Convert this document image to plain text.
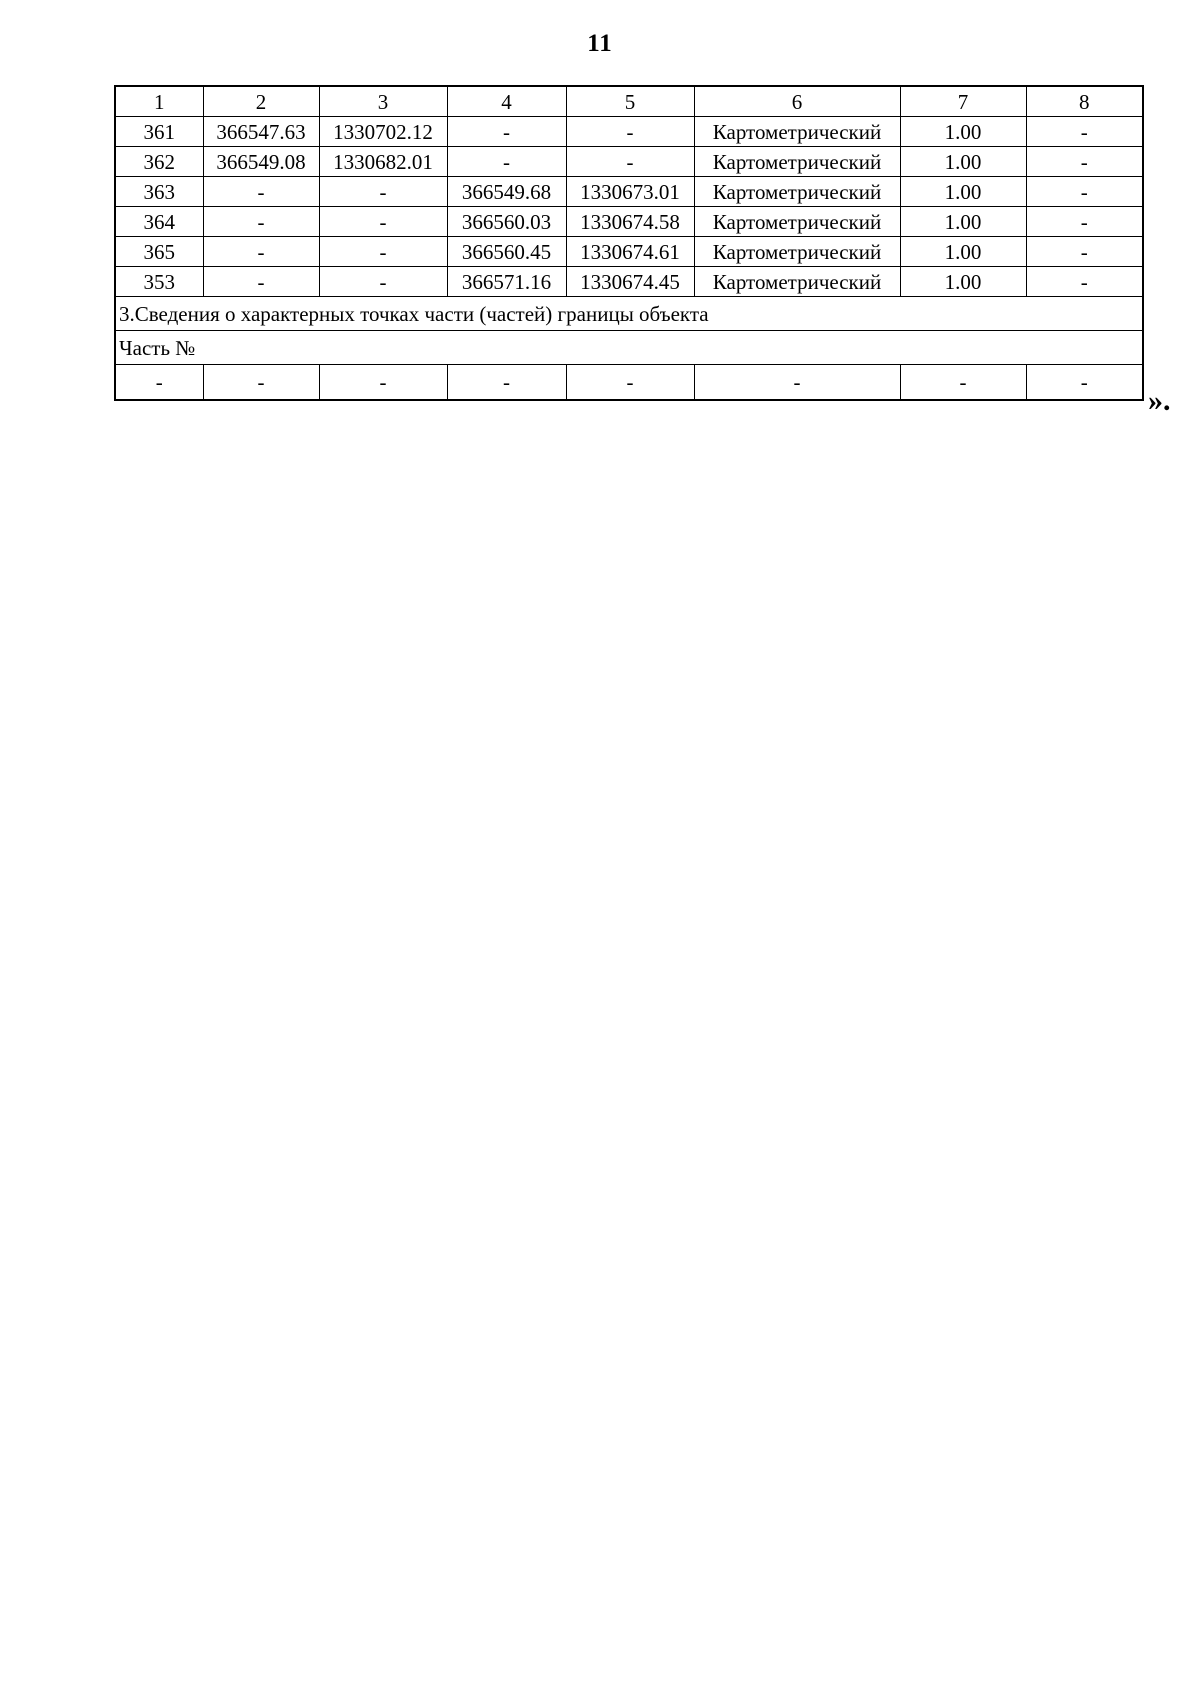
11
1	2	3	4	5	6	7	8
361	366547.63	1330702.12	-	-	Картометрический	1.00	-
362	366549.08	1330682.01	-	-	Картометрический	1.00	-
363	-	-	366549.68	1330673.01	Картометрический	1.00	-
364	-	-	366560.03	1330674.58	Картометрический	1.00	-
365	-	-	366560.45	1330674.61	Картометрический	1.00	-
353	-	-	366571.16	1330674.45	Картометрический	1.00	-
3.Сведения о характерных точках части (частей) границы объекта							
Часть №							
-	-	-	-	-	-	-	-
».
